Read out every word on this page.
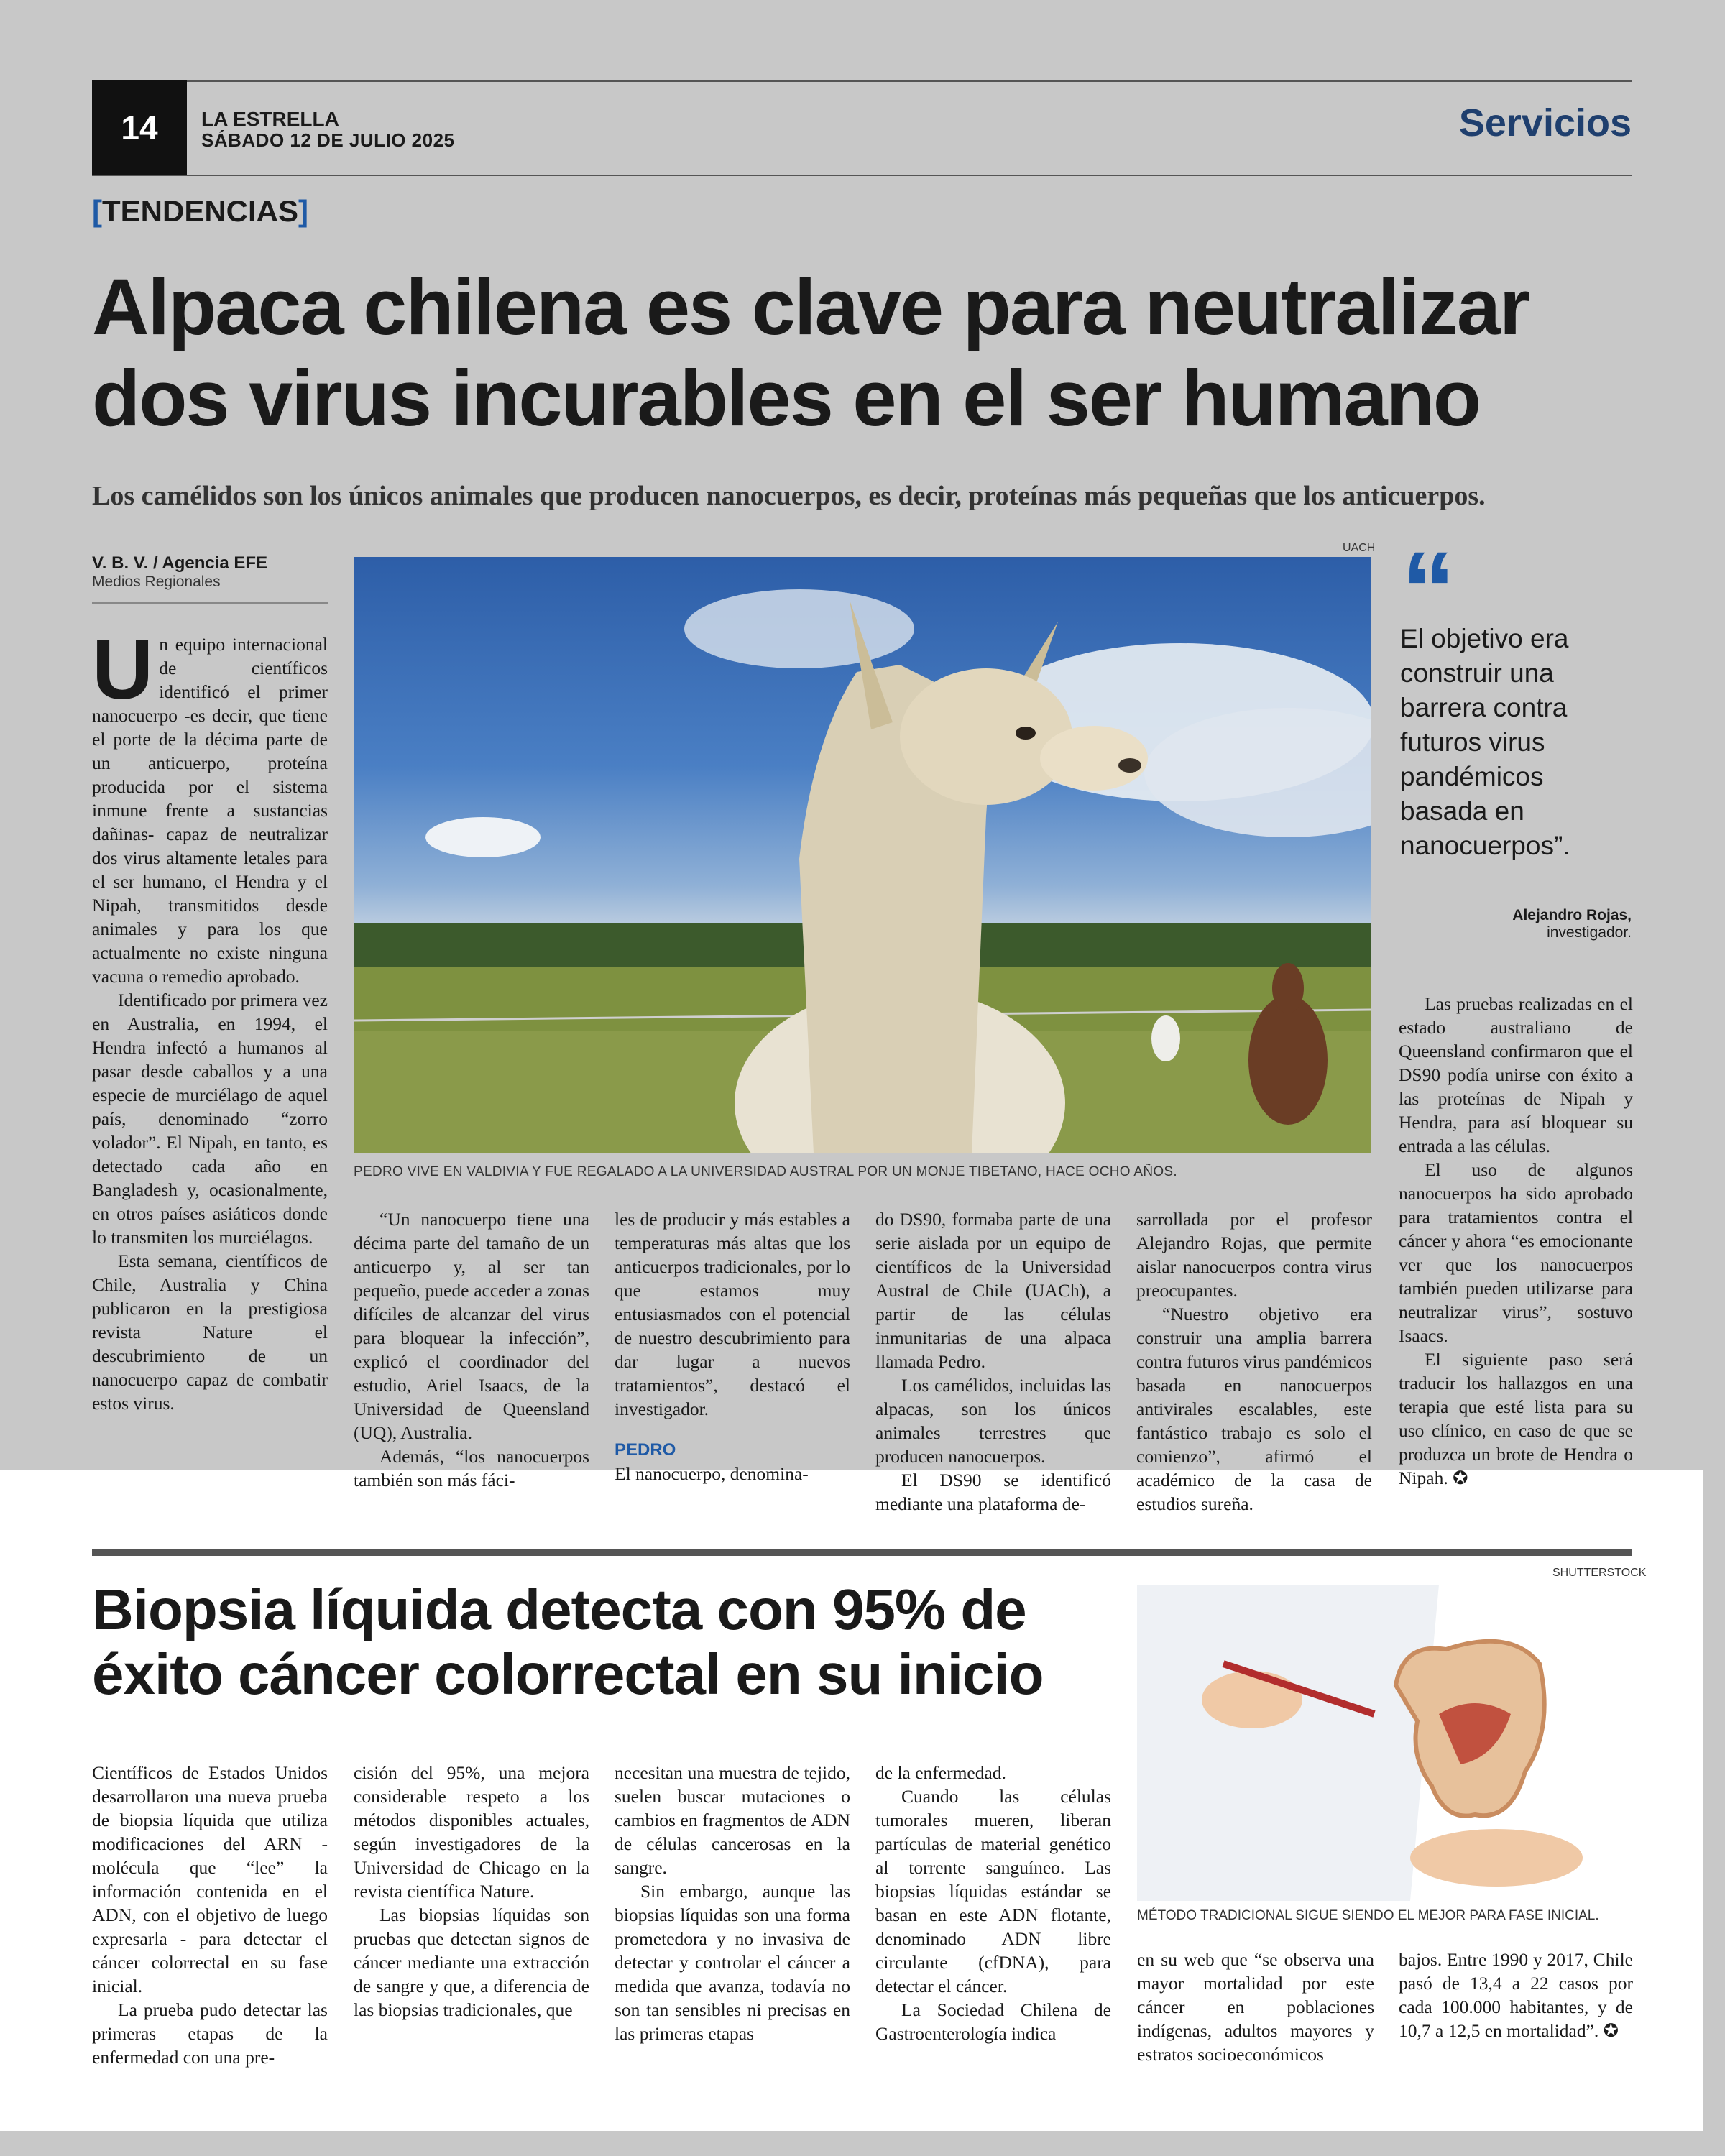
14	LA ESTRELLA
SÁBADO 12 DE JULIO 2025	Servicios
[TENDENCIAS]
Alpaca chilena es clave para neutralizar dos virus incurables en el ser humano
Los camélidos son los únicos animales que producen nanocuerpos, es decir, proteínas más pequeñas que los anticuerpos.
V. B. V. / Agencia EFE
Medios Regionales

Un equipo internacional de científicos identificó el primer nanocuerpo -es decir, que tiene el porte de la décima parte de un anticuerpo, proteína producida por el sistema inmune frente a sustancias dañinas- capaz de neutralizar dos virus altamente letales para el ser humano, el Hendra y el Nipah, transmitidos desde animales y para los que actualmente no existe ninguna vacuna o remedio aprobado.

Identificado por primera vez en Australia, en 1994, el Hendra infectó a humanos al pasar desde caballos y a una especie de murciélago de aquel país, denominado “zorro volador”. El Nipah, en tanto, es detectado cada año en Bangladesh y, ocasionalmente, en otros países asiáticos donde lo transmiten los murciélagos.

Esta semana, científicos de Chile, Australia y China publicaron en la prestigiosa revista Nature el descubrimiento de un nanocuerpo capaz de combatir estos virus.

UACH
PEDRO VIVE EN VALDIVIA Y FUE REGALADO A LA UNIVERSIDAD AUSTRAL POR UN MONJE TIBETANO, HACE OCHO AÑOS.
“
El objetivo era construir una barrera contra futuros virus pandémicos basada en nanocuerpos”.
Alejandro Rojas,
investigador.

“Un nanocuerpo tiene una décima parte del tamaño de un anticuerpo y, al ser tan pequeño, puede acceder a zonas difíciles de alcanzar del virus para bloquear la infección”, explicó el coordinador del estudio, Ariel Isaacs, de la Universidad de Queensland (UQ), Australia.

Además, “los nanocuerpos también son más fáci-

les de producir y más estables a temperaturas más altas que los anticuerpos tradicionales, por lo que estamos muy entusiasmados con el potencial de nuestro descubrimiento para dar lugar a nuevos tratamientos”, destacó el investigador.

PEDRO

El nanocuerpo, denomina-

do DS90, formaba parte de una serie aislada por un equipo de científicos de la Universidad Austral de Chile (UACh), a partir de las células inmunitarias de una alpaca llamada Pedro.

Los camélidos, incluidas las alpacas, son los únicos animales terrestres que producen nanocuerpos.

El DS90 se identificó mediante una plataforma de-

sarrollada por el profesor Alejandro Rojas, que permite aislar nanocuerpos contra virus preocupantes.

“Nuestro objetivo era construir una amplia barrera contra futuros virus pandémicos basada en nanocuerpos antivirales escalables, este fantástico trabajo es solo el comienzo”, afirmó el académico de la casa de estudios sureña.

Las pruebas realizadas en el estado australiano de Queensland confirmaron que el DS90 podía unirse con éxito a las proteínas de Nipah y Hendra, para así bloquear su entrada a las células.

El uso de algunos nanocuerpos ha sido aprobado para tratamientos contra el cáncer y ahora “es emocionante ver que los nanocuerpos también pueden utilizarse para neutralizar virus”, sostuvo Isaacs.

El siguiente paso será traducir los hallazgos en una terapia que esté lista para su uso clínico, en caso de que se produzca un brote de Hendra o Nipah. ✪

Biopsia líquida detecta con 95% de éxito cáncer colorrectal en su inicio
SHUTTERSTOCK
MÉTODO TRADICIONAL SIGUE SIENDO EL MEJOR PARA FASE INICIAL.

Científicos de Estados Unidos desarrollaron una nueva prueba de biopsia líquida que utiliza modificaciones del ARN -molécula que “lee” la información contenida en el ADN, con el objetivo de luego expresarla - para detectar el cáncer colorrectal en su fase inicial.

La prueba pudo detectar las primeras etapas de la enfermedad con una pre-

cisión del 95%, una mejora considerable respeto a los métodos disponibles actuales, según investigadores de la Universidad de Chicago en la revista científica Nature.

Las biopsias líquidas son pruebas que detectan signos de cáncer mediante una extracción de sangre y que, a diferencia de las biopsias tradicionales, que

necesitan una muestra de tejido, suelen buscar mutaciones o cambios en fragmentos de ADN de células cancerosas en la sangre.

Sin embargo, aunque las biopsias líquidas son una forma prometedora y no invasiva de detectar y controlar el cáncer a medida que avanza, todavía no son tan sensibles ni precisas en las primeras etapas

de la enfermedad.

Cuando las células tumorales mueren, liberan partículas de material genético al torrente sanguíneo. Las biopsias líquidas estándar se basan en este ADN flotante, denominado ADN libre circulante (cfDNA), para detectar el cáncer.

La Sociedad Chilena de Gastroenterología indica

en su web que “se observa una mayor mortalidad por este cáncer en poblaciones indígenas, adultos mayores y estratos socioeconómicos

bajos. Entre 1990 y 2017, Chile pasó de 13,4 a 22 casos por cada 100.000 habitantes, y de 10,7 a 12,5 en mortalidad”. ✪
